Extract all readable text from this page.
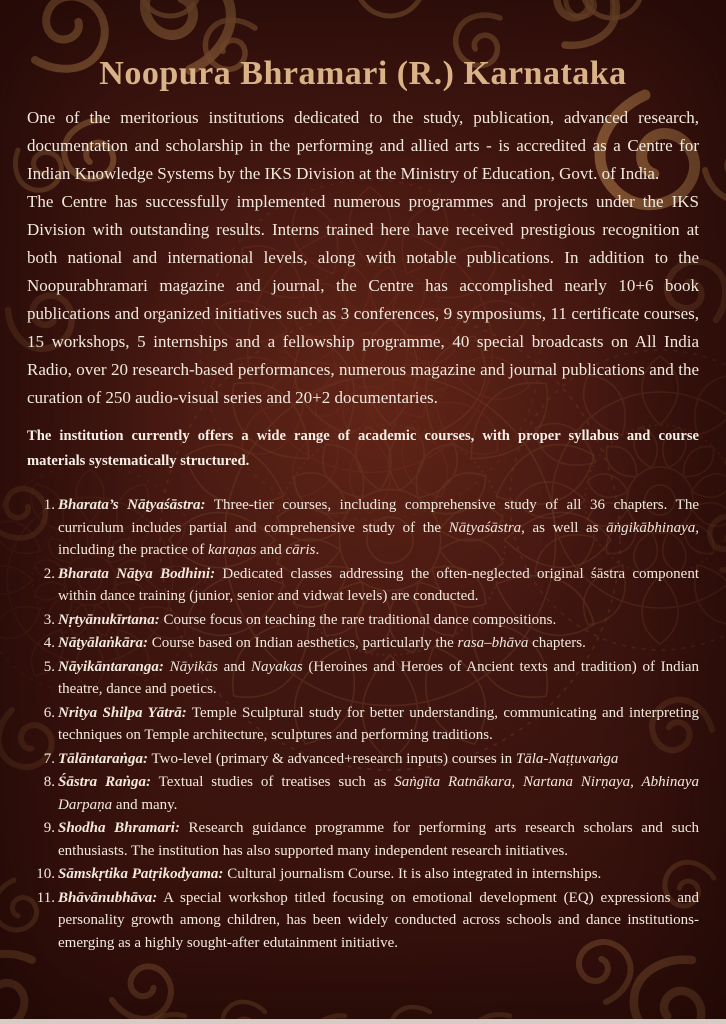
Noopura Bhramari (R.) Karnataka

One of the meritorious institutions dedicated to the study, publication, advanced research, documentation and scholarship in the performing and allied arts - is accredited as a Centre for Indian Knowledge Systems by the IKS Division at the Ministry of Education, Govt. of India.

The Centre has successfully implemented numerous programmes and projects under the IKS Division with outstanding results. Interns trained here have received prestigious recognition at both national and international levels, along with notable publications. In addition to the Noopurabhramari magazine and journal, the Centre has accomplished nearly 10+6 book publications and organized initiatives such as 3 conferences, 9 symposiums, 11 certificate courses, 15 workshops, 5 internships and a fellowship programme, 40 special broadcasts on All India Radio, over 20 research-based performances, numerous magazine and journal publications and the curation of 250 audio-visual series and 20+2 documentaries.

The institution currently offers a wide range of academic courses, with proper syllabus and course materials systematically structured.

1. Bharata’s Nāṭyaśāstra: Three-tier courses, including comprehensive study of all 36 chapters. The curriculum includes partial and comprehensive study of the Nāṭyaśāstra, as well as āṅgikābhinaya, including the practice of karaṇas and cāris.
2. Bharata Nāṭya Bodhini: Dedicated classes addressing the often-neglected original śāstra component within dance training (junior, senior and vidwat levels) are conducted.
3. Nṛtyānukīrtana: Course focus on teaching the rare traditional dance compositions.
4. Nāṭyālaṅkāra: Course based on Indian aesthetics, particularly the rasa–bhāva chapters.
5. Nāyikāntaranga: Nāyikās and Nayakas (Heroines and Heroes of Ancient texts and tradition) of Indian theatre, dance and poetics.
6. Nritya Shilpa Yātrā: Temple Sculptural study for better understanding, communicating and interpreting techniques on Temple architecture, sculptures and performing traditions.
7. Tālāntaraṅga: Two-level (primary & advanced+research inputs) courses in Tāla-Naṭṭuvaṅga
8. Śāstra Raṅga: Textual studies of treatises such as Saṅgīta Ratnākara, Nartana Nirṇaya, Abhinaya Darpaṇa and many.
9. Shodha Bhramari: Research guidance programme for performing arts research scholars and such enthusiasts. The institution has also supported many independent research initiatives.
10. Sāmskṛtika Patṛikodyama: Cultural journalism Course. It is also integrated in internships.
11. Bhāvānubhāva: A special workshop titled focusing on emotional development (EQ) expressions and personality growth among children, has been widely conducted across schools and dance institutions-emerging as a highly sought-after edutainment initiative.
